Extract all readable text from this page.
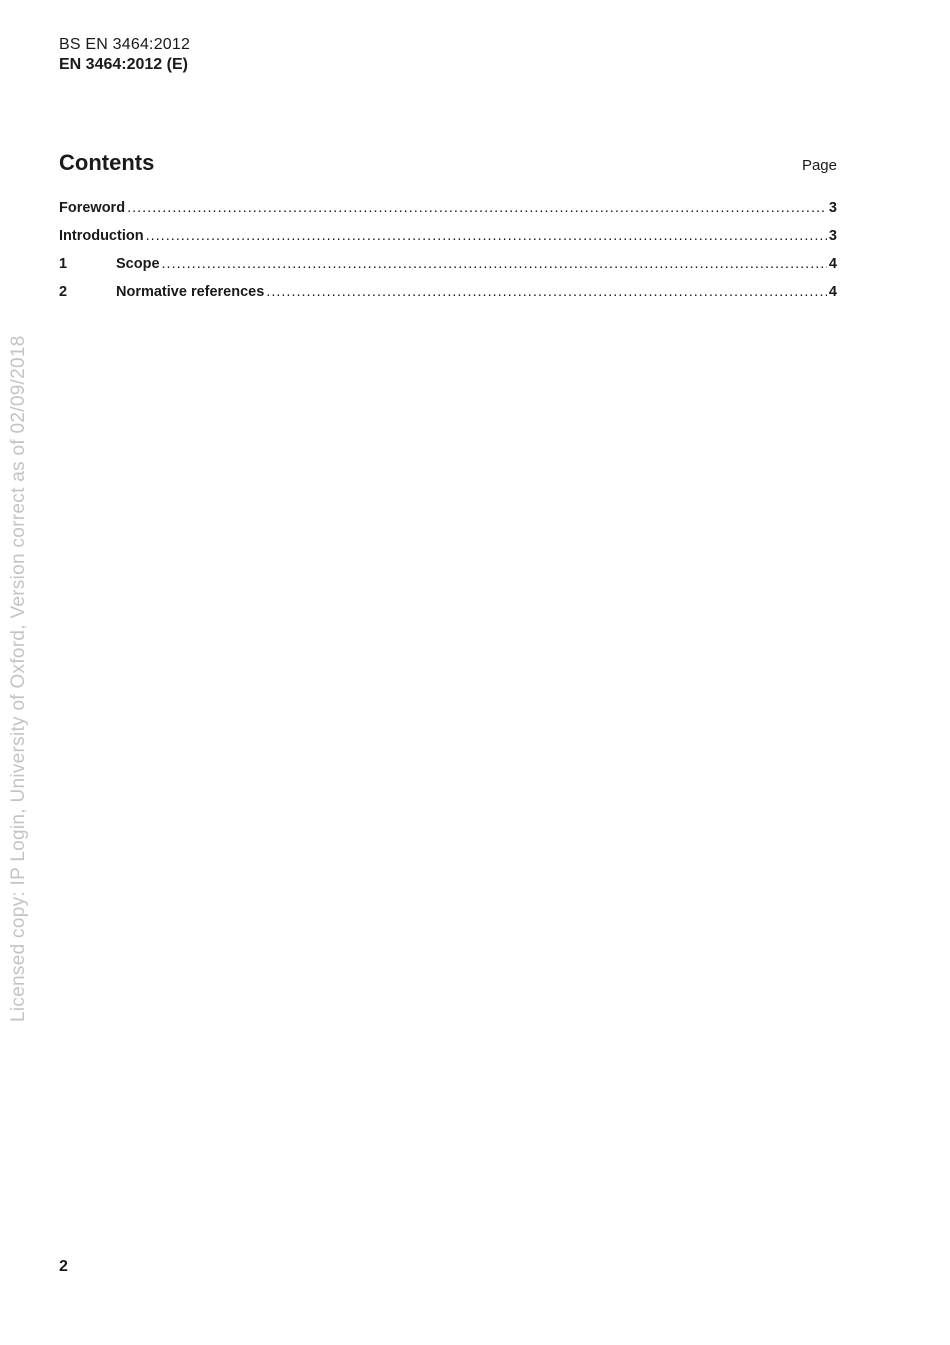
BS EN 3464:2012
EN 3464:2012 (E)
Contents	Page
Foreword .....	3
Introduction .....	3
1	Scope .....	4
2	Normative references .....	4
Licensed copy: IP Login, University of Oxford, Version correct as of 02/09/2018
2
